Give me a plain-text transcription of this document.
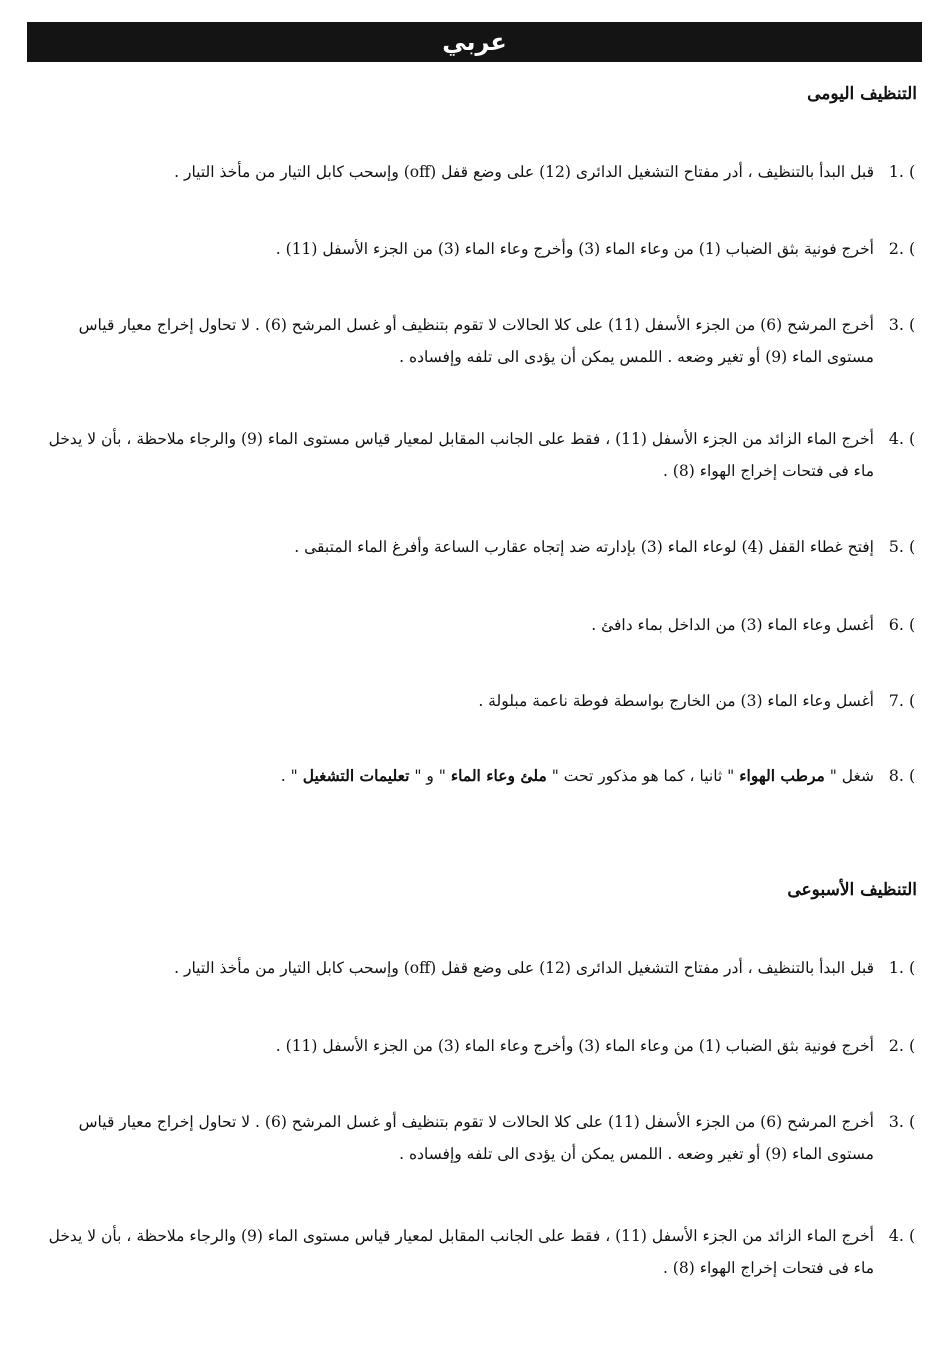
عربي
التنظيف اليومى
) .1
قبل البدأ بالتنظيف ، أدر مفتاح التشغيل الدائرى (12) على وضع قفل (off) وإسحب كابل التيار من مأخذ التيار .
) .2
أخرج فونية بثق الضباب (1) من وعاء الماء (3) وأخرج وعاء الماء (3) من الجزء الأسفل (11) .
) .3
أخرج المرشح (6) من الجزء الأسفل (11) على كلا الحالات لا تقوم بتنظيف أو غسل المرشح (6) . لا تحاول إخراج معيار قياس مستوى الماء (9) أو تغير وضعه . اللمس يمكن أن يؤدى الى تلفه وإفساده .
) .4
أخرج الماء الزائد من الجزء الأسفل (11) ، فقط على الجانب المقابل لمعيار قياس مستوى الماء (9) والرجاء ملاحظة ، بأن لا يدخل ماء فى فتحات إخراج الهواء (8) .
) .5
إفتح غطاء القفل (4) لوعاء الماء (3) بإدارته ضد إتجاه عقارب الساعة وأفرغ الماء المتبقى .
) .6
أغسل وعاء الماء (3) من الداخل بماء دافئ .
) .7
أغسل وعاء الماء (3) من الخارج بواسطة فوطة ناعمة مبلولة .
) .8
شغل " مرطب الهواء " ثانيا ، كما هو مذكور تحت " ملئ وعاء الماء " و " تعليمات التشغيل " .
التنظيف الأسبوعى
) .1
قبل البدأ بالتنظيف ، أدر مفتاح التشغيل الدائرى (12) على وضع قفل (off) وإسحب كابل التيار من مأخذ التيار .
) .2
أخرج فونية بثق الضباب (1) من وعاء الماء (3) وأخرج وعاء الماء (3) من الجزء الأسفل (11) .
) .3
أخرج المرشح (6) من الجزء الأسفل (11) على كلا الحالات لا تقوم بتنظيف أو غسل المرشح (6) . لا تحاول إخراج معيار قياس مستوى الماء (9) أو تغير وضعه . اللمس يمكن أن يؤدى الى تلفه وإفساده .
) .4
أخرج الماء الزائد من الجزء الأسفل (11) ، فقط على الجانب المقابل لمعيار قياس مستوى الماء (9) والرجاء ملاحظة ، بأن لا يدخل ماء فى فتحات إخراج الهواء (8) .
